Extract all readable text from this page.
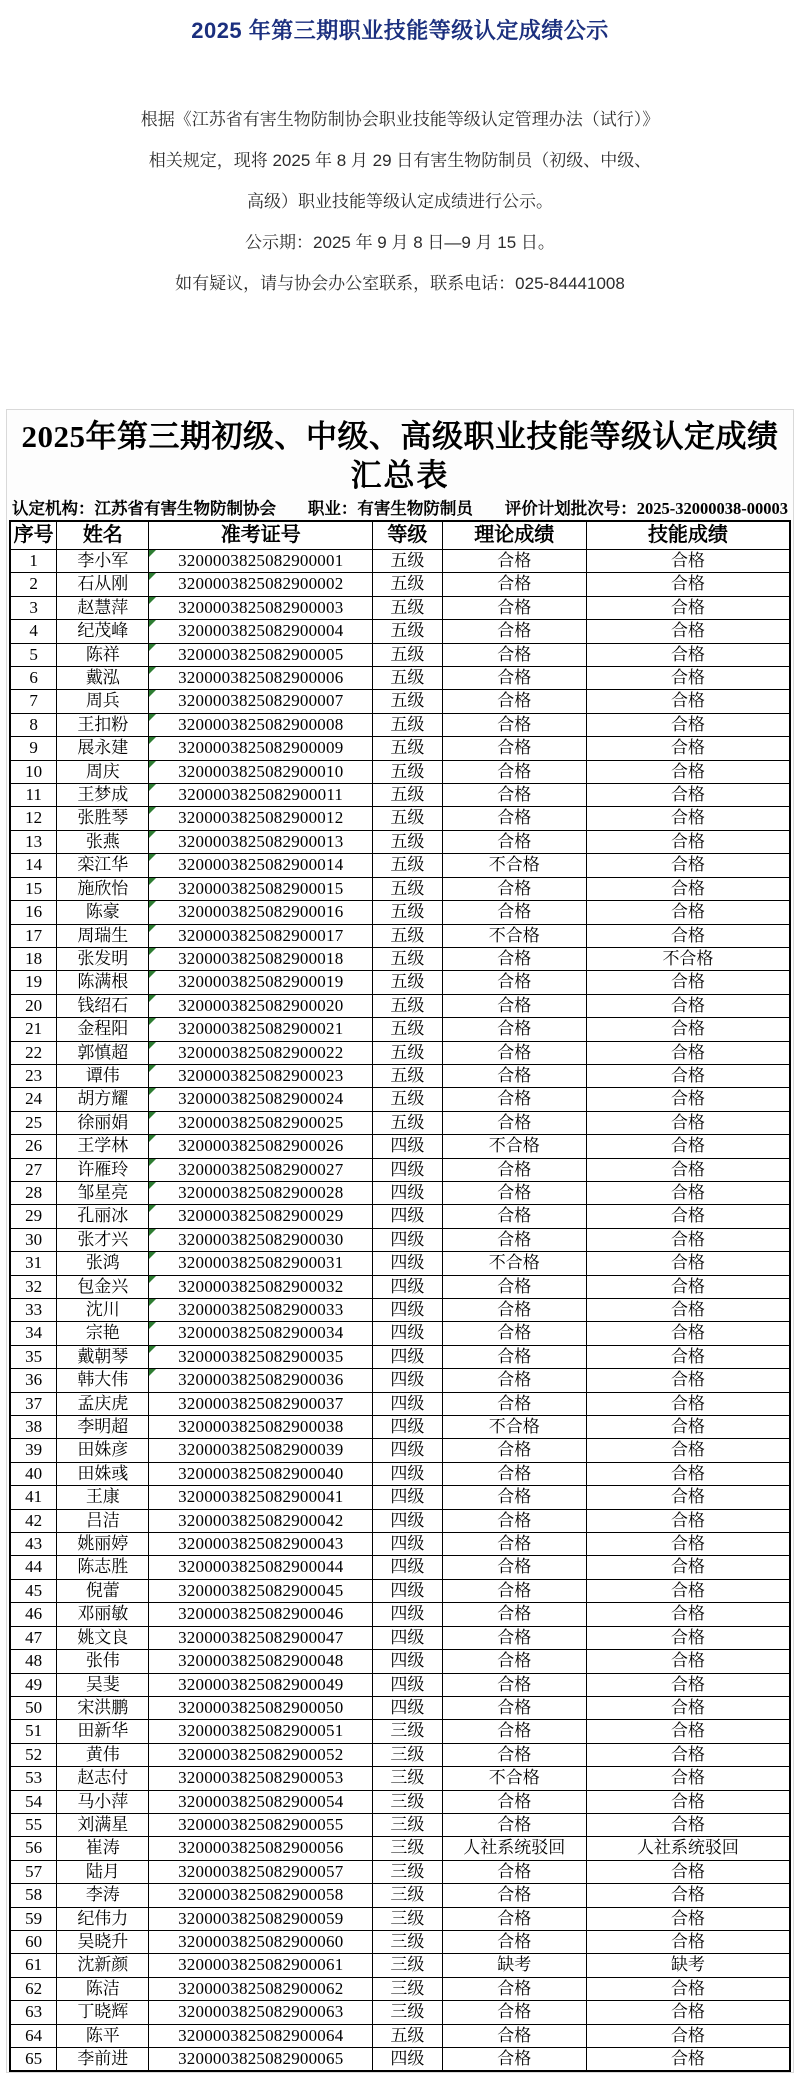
2025 年第三期职业技能等级认定成绩公示

根据《江苏省有害生物防制协会职业技能等级认定管理办法（试行）》

相关规定，现将 2025 年 8 月 29 日有害生物防制员（初级、中级、

高级）职业技能等级认定成绩进行公示。

公示期：2025 年 9 月 8 日—9 月 15 日。

如有疑议，请与协会办公室联系，联系电话：025-84441008

2025年第三期初级、中级、高级职业技能等级认定成绩
汇总表
认定机构：江苏省有害生物防制协会 职业：有害生物防制员 评价计划批次号：2025-32000038-00003
序号	姓名	准考证号	等级	理论成绩	技能成绩
1	李小军	3200003825082900001	五级	合格	合格
2	石从刚	3200003825082900002	五级	合格	合格
3	赵慧萍	3200003825082900003	五级	合格	合格
4	纪茂峰	3200003825082900004	五级	合格	合格
5	陈祥	3200003825082900005	五级	合格	合格
6	戴泓	3200003825082900006	五级	合格	合格
7	周兵	3200003825082900007	五级	合格	合格
8	王扣粉	3200003825082900008	五级	合格	合格
9	展永建	3200003825082900009	五级	合格	合格
10	周庆	3200003825082900010	五级	合格	合格
11	王梦成	3200003825082900011	五级	合格	合格
12	张胜琴	3200003825082900012	五级	合格	合格
13	张燕	3200003825082900013	五级	合格	合格
14	栾江华	3200003825082900014	五级	不合格	合格
15	施欣怡	3200003825082900015	五级	合格	合格
16	陈豪	3200003825082900016	五级	合格	合格
17	周瑞生	3200003825082900017	五级	不合格	合格
18	张发明	3200003825082900018	五级	合格	不合格
19	陈满根	3200003825082900019	五级	合格	合格
20	钱绍石	3200003825082900020	五级	合格	合格
21	金程阳	3200003825082900021	五级	合格	合格
22	郭慎超	3200003825082900022	五级	合格	合格
23	谭伟	3200003825082900023	五级	合格	合格
24	胡方耀	3200003825082900024	五级	合格	合格
25	徐丽娟	3200003825082900025	五级	合格	合格
26	王学林	3200003825082900026	四级	不合格	合格
27	许雁玲	3200003825082900027	四级	合格	合格
28	邹星亮	3200003825082900028	四级	合格	合格
29	孔丽冰	3200003825082900029	四级	合格	合格
30	张才兴	3200003825082900030	四级	合格	合格
31	张鸿	3200003825082900031	四级	不合格	合格
32	包金兴	3200003825082900032	四级	合格	合格
33	沈川	3200003825082900033	四级	合格	合格
34	宗艳	3200003825082900034	四级	合格	合格
35	戴朝琴	3200003825082900035	四级	合格	合格
36	韩大伟	3200003825082900036	四级	合格	合格
37	孟庆虎	3200003825082900037	四级	合格	合格
38	李明超	3200003825082900038	四级	不合格	合格
39	田姝彦	3200003825082900039	四级	合格	合格
40	田姝彧	3200003825082900040	四级	合格	合格
41	王康	3200003825082900041	四级	合格	合格
42	吕洁	3200003825082900042	四级	合格	合格
43	姚丽婷	3200003825082900043	四级	合格	合格
44	陈志胜	3200003825082900044	四级	合格	合格
45	倪蕾	3200003825082900045	四级	合格	合格
46	邓丽敏	3200003825082900046	四级	合格	合格
47	姚文良	3200003825082900047	四级	合格	合格
48	张伟	3200003825082900048	四级	合格	合格
49	吴斐	3200003825082900049	四级	合格	合格
50	宋洪鹏	3200003825082900050	四级	合格	合格
51	田新华	3200003825082900051	三级	合格	合格
52	黄伟	3200003825082900052	三级	合格	合格
53	赵志付	3200003825082900053	三级	不合格	合格
54	马小萍	3200003825082900054	三级	合格	合格
55	刘满星	3200003825082900055	三级	合格	合格
56	崔涛	3200003825082900056	三级	人社系统驳回	人社系统驳回
57	陆月	3200003825082900057	三级	合格	合格
58	李涛	3200003825082900058	三级	合格	合格
59	纪伟力	3200003825082900059	三级	合格	合格
60	吴晓升	3200003825082900060	三级	合格	合格
61	沈新颜	3200003825082900061	三级	缺考	缺考
62	陈洁	3200003825082900062	三级	合格	合格
63	丁晓辉	3200003825082900063	三级	合格	合格
64	陈平	3200003825082900064	五级	合格	合格
65	李前进	3200003825082900065	四级	合格	合格
